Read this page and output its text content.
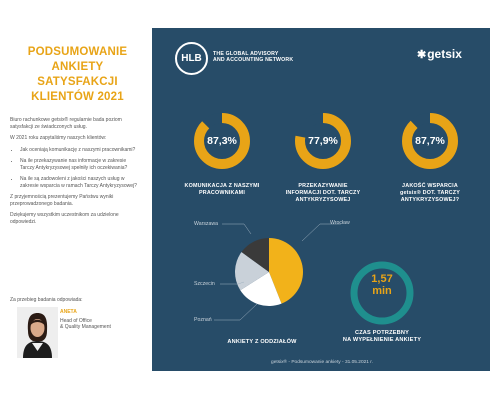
PODSUMOWANIE
ANKIETY
SATYSFAKCJI
KLIENTÓW 2021

Biuro rachunkowe getsix® regularnie bada poziom satysfakcji ze świadczonych usług.

W 2021 roku zapytaliśmy naszych klientów:

• Jak oceniają komunikację z naszymi pracownikami?
• Na ile przekazywanie nas informacje w zakresie Tarczy Antykryzysowej spełniły ich oczekiwania?
• Na ile są zadowoleni z jakości naszych usług w zakresie wsparcia w ramach Tarczy Antykryzysowej?

Z przyjemnością prezentujemy Państwu wyniki przeprowadzonego badania.

Dziękujemy wszystkim uczestnikom za udzielone odpowiedzi.

Za przebieg badania odpowiada:
ANETA
Head of Office
& Quality Management
HLB	THE GLOBAL ADVISORY
AND ACCOUNTING NETWORK	✱getsix
87,3%
KOMUNIKACJA Z NASZYMI
PRACOWNIKAMI
77,9%
PRZEKAZYWANIE
INFORMACJI DOT. TARCZY
ANTYKRYZYSOWEJ
87,7%
JAKOŚĆ WSPARCIA
getsix® DOT. TARCZY
ANTYKRYZYSOWEJ?
Warszawa	Wrocław
Szczecin
Poznań
ANKIETY Z ODDZIAŁÓW
1,57
min
CZAS POTRZEBNY
NA WYPEŁNIENIE ANKIETY
getsix® - Podsumowanie ankiety - 31.05.2021 r.
